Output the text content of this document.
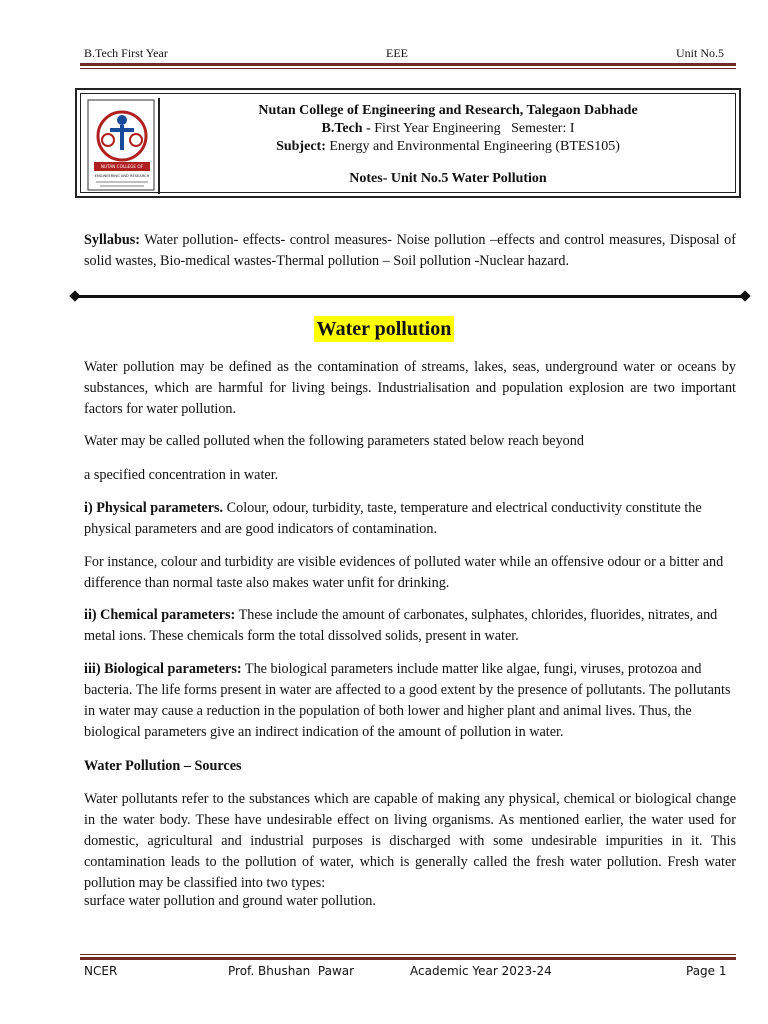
B.Tech First Year	EEE	Unit No.5
NUTAN COLLEGE OF
ENGINEERING AND RESEARCH
Nutan College of Engineering and Research, Talegaon Dabhade
B.Tech - First Year Engineering   Semester: I
Subject: Energy and Environmental Engineering (BTES105)
Notes- Unit No.5 Water Pollution
Syllabus: Water pollution- effects- control measures- Noise pollution –effects and control measures, Disposal of solid wastes, Bio-medical wastes-Thermal pollution – Soil pollution -Nuclear hazard.
Water pollution
Water pollution may be defined as the contamination of streams, lakes, seas, underground water or oceans by substances, which are harmful for living beings. Industrialisation and population explosion are two important factors for water pollution.
Water may be called polluted when the following parameters stated below reach beyond
a specified concentration in water.
i) Physical parameters. Colour, odour, turbidity, taste, temperature and electrical conductivity constitute the physical parameters and are good indicators of contamination.
For instance, colour and turbidity are visible evidences of polluted water while an offensive odour or a bitter and difference than normal taste also makes water unfit for drinking.
ii) Chemical parameters: These include the amount of carbonates, sulphates, chlorides, fluorides, nitrates, and metal ions. These chemicals form the total dissolved solids, present in water.
iii) Biological parameters: The biological parameters include matter like algae, fungi, viruses, protozoa and bacteria. The life forms present in water are affected to a good extent by the presence of pollutants. The pollutants in water may cause a reduction in the population of both lower and higher plant and animal lives. Thus, the biological parameters give an indirect indication of the amount of pollution in water.
Water Pollution – Sources
Water pollutants refer to the substances which are capable of making any physical, chemical or biological change in the water body. These have undesirable effect on living organisms. As mentioned earlier, the water used for domestic, agricultural and industrial purposes is discharged with some undesirable impurities in it. This contamination leads to the pollution of water, which is generally called the fresh water pollution. Fresh water pollution may be classified into two types:
surface water pollution and ground water pollution.
NCER	Prof. Bhushan  Pawar	Academic Year 2023-24	Page 1
